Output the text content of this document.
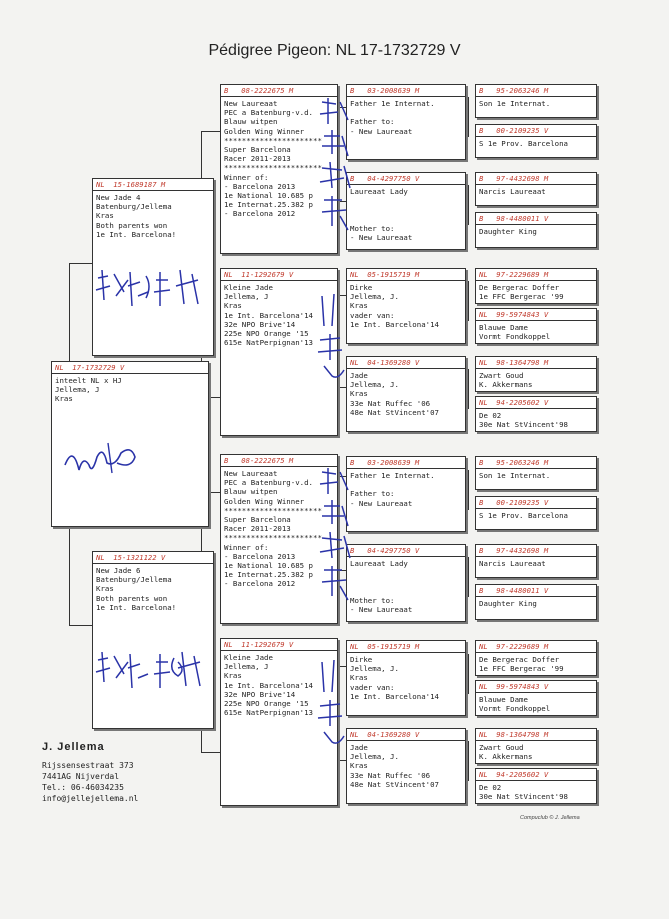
Pédigree Pigeon: NL 17-1732729 V
NL  17-1732729 V
inteelt NL x HJ
Jellema, J
Kras
NL  15-1689187 M
New Jade 4
Batenburg/Jellema
Kras
Both parents won
1e Int. Barcelona!
NL  15-1321122 V
New Jade 6
Batenburg/Jellema
Kras
Both parents won
1e Int. Barcelona!
B   08-2222675 M
New Laureaat
PEC a Batenburg-v.d.
Blauw witpen
Golden Wing Winner
**********************
Super Barcelona
Racer 2011-2013
**********************
Winner of:
- Barcelona 2013
1e National 10.685 p
1e Internat.25.382 p
- Barcelona 2012
NL  11-1292679 V
Kleine Jade
Jellema, J
Kras
1e Int. Barcelona'14
32e NPO Brive'14
225e NPO Orange '15
615e NatPerpignan'13
B   08-2222675 M
New Laureaat
PEC a Batenburg-v.d.
Blauw witpen
Golden Wing Winner
**********************
Super Barcelona
Racer 2011-2013
**********************
Winner of:
- Barcelona 2013
1e National 10.685 p
1e Internat.25.382 p
- Barcelona 2012
NL  11-1292679 V
Kleine Jade
Jellema, J
Kras
1e Int. Barcelona'14
32e NPO Brive'14
225e NPO Orange '15
615e NatPerpignan'13
B   03-2008639 M
Father 1e Internat.

Father to:
- New Laureaat
B   04-4297750 V
Laureaat Lady

Mother to:
- New Laureaat
NL  05-1915719 M
Dirke
Jellema, J.
Kras
vader van:
1e Int. Barcelona'14
NL  04-1369280 V
Jade
Jellema, J.
Kras
33e Nat Ruffec '06
48e Nat StVincent'07
B   03-2008639 M
Father 1e Internat.

Father to:
- New Laureaat
B   04-4297750 V
Laureaat Lady

Mother to:
- New Laureaat
NL  05-1915719 M
Dirke
Jellema, J.
Kras
vader van:
1e Int. Barcelona'14
NL  04-1369280 V
Jade
Jellema, J.
Kras
33e Nat Ruffec '06
48e Nat StVincent'07
B   95-2063246 M
Son 1e Internat.
B   00-2109235 V
S 1e Prov. Barcelona
B   97-4432698 M
Narcis Laureaat
B   98-4480011 V
Daughter King
NL  97-2229689 M
De Bergerac Doffer
1e FFC Bergerac '99
NL  99-5974843 V
Blauwe Dame
Vormt Fondkoppel
NL  98-1364798 M
Zwart Goud
K. Akkermans
NL  94-2205602 V
De 02
30e Nat StVincent'98
B   95-2063246 M
Son 1e Internat.
B   00-2109235 V
S 1e Prov. Barcelona
B   97-4432698 M
Narcis Laureaat
B   98-4480011 V
Daughter King
NL  97-2229689 M
De Bergerac Doffer
1e FFC Bergerac '99
NL  99-5974843 V
Blauwe Dame
Vormt Fondkoppel
NL  98-1364798 M
Zwart Goud
K. Akkermans
NL  94-2205602 V
De 02
30e Nat StVincent'98
J. Jellema
Rijssensestraat 373
7441AG Nijverdal
Tel.: 06-46034235
info@jellejellema.nl
Compuclub © J. Jellema
